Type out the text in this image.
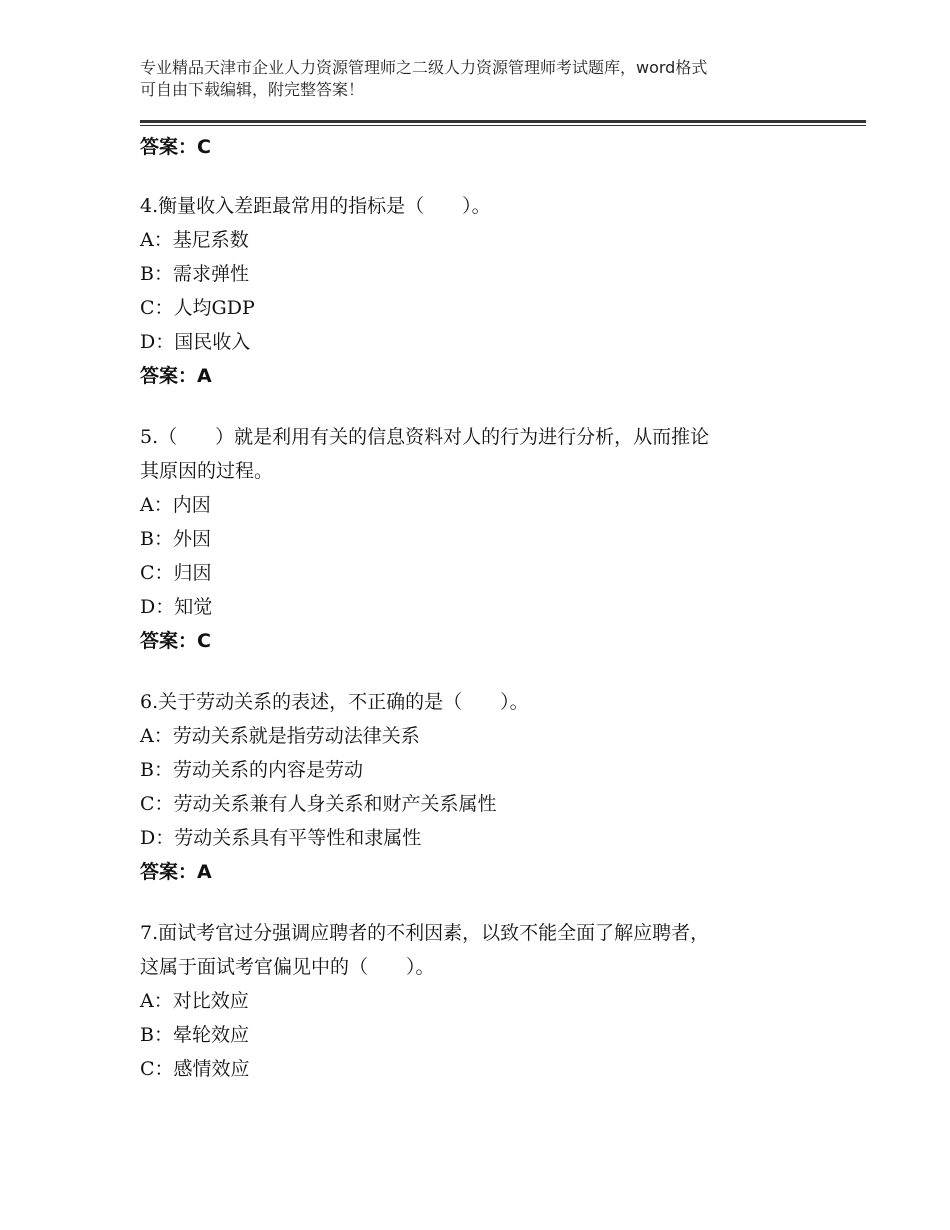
专业精品天津市企业人力资源管理师之二级人力资源管理师考试题库，word格式
可自由下载编辑，附完整答案！
答案：C
4.衡量收入差距最常用的指标是（　　）。
A：基尼系数
B：需求弹性
C：人均GDP
D：国民收入
答案：A
5.（　　）就是利用有关的信息资料对人的行为进行分析，从而推论
其原因的过程。
A：内因
B：外因
C：归因
D：知觉
答案：C
6.关于劳动关系的表述，不正确的是（　　）。
A：劳动关系就是指劳动法律关系
B：劳动关系的内容是劳动
C：劳动关系兼有人身关系和财产关系属性
D：劳动关系具有平等性和隶属性
答案：A
7.面试考官过分强调应聘者的不利因素，以致不能全面了解应聘者，
这属于面试考官偏见中的（　　）。
A：对比效应
B：晕轮效应
C：感情效应
